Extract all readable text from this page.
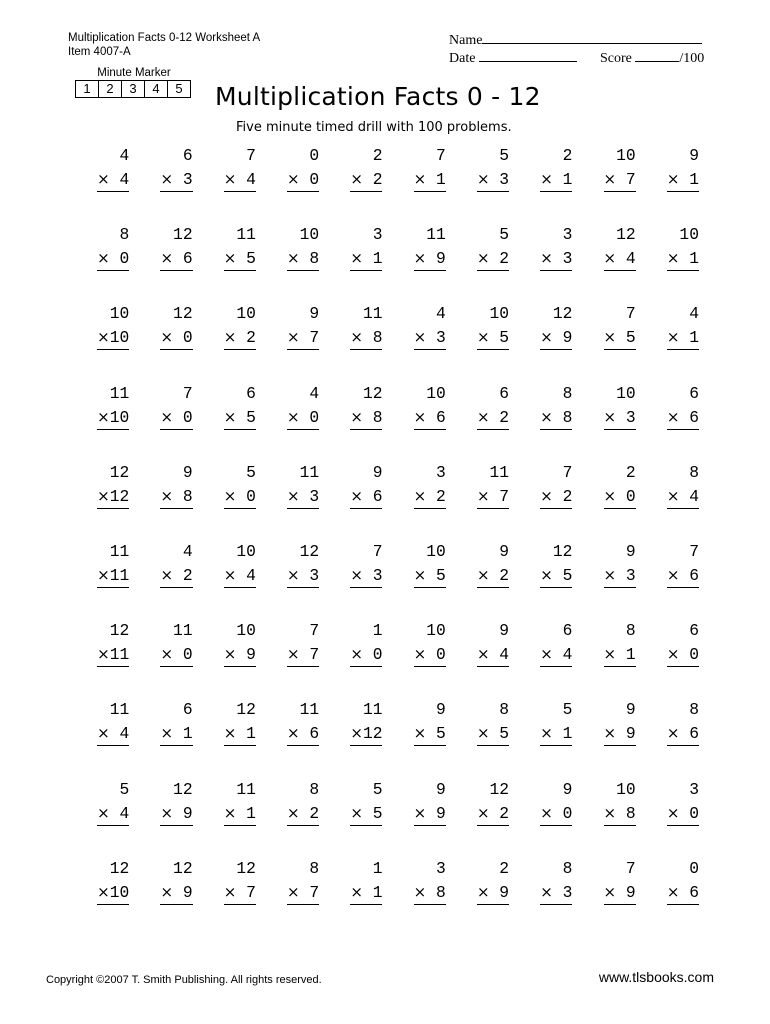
Multiplication Facts 0-12 Worksheet A
Item 4007-A
Name
Date	Score	/100
Minute Marker
1	2	3	4	5 Multiplication Facts 0 - 12
Five minute timed drill with 100 problems.
4
× 4
6
× 3
7
× 4
0
× 0
2
× 2
7
× 1
5
× 3
2
× 1
10
× 7
9
× 1
8
× 0
12
× 6
11
× 5
10
× 8
3
× 1
11
× 9
5
× 2
3
× 3
12
× 4
10
× 1
10
×10
12
× 0
10
× 2
9
× 7
11
× 8
4
× 3
10
× 5
12
× 9
7
× 5
4
× 1
11
×10
7
× 0
6
× 5
4
× 0
12
× 8
10
× 6
6
× 2
8
× 8
10
× 3
6
× 6
12
×12
9
× 8
5
× 0
11
× 3
9
× 6
3
× 2
11
× 7
7
× 2
2
× 0
8
× 4
11
×11
4
× 2
10
× 4
12
× 3
7
× 3
10
× 5
9
× 2
12
× 5
9
× 3
7
× 6
12
×11
11
× 0
10
× 9
7
× 7
1
× 0
10
× 0
9
× 4
6
× 4
8
× 1
6
× 0
11
× 4
6
× 1
12
× 1
11
× 6
11
×12
9
× 5
8
× 5
5
× 1
9
× 9
8
× 6
5
× 4
12
× 9
11
× 1
8
× 2
5
× 5
9
× 9
12
× 2
9
× 0
10
× 8
3
× 0
12
×10
12
× 9
12
× 7
8
× 7
1
× 1
3
× 8
2
× 9
8
× 3
7
× 9
0
× 6
Copyright ©2007 T. Smith Publishing. All rights reserved.	www.tlsbooks.com
